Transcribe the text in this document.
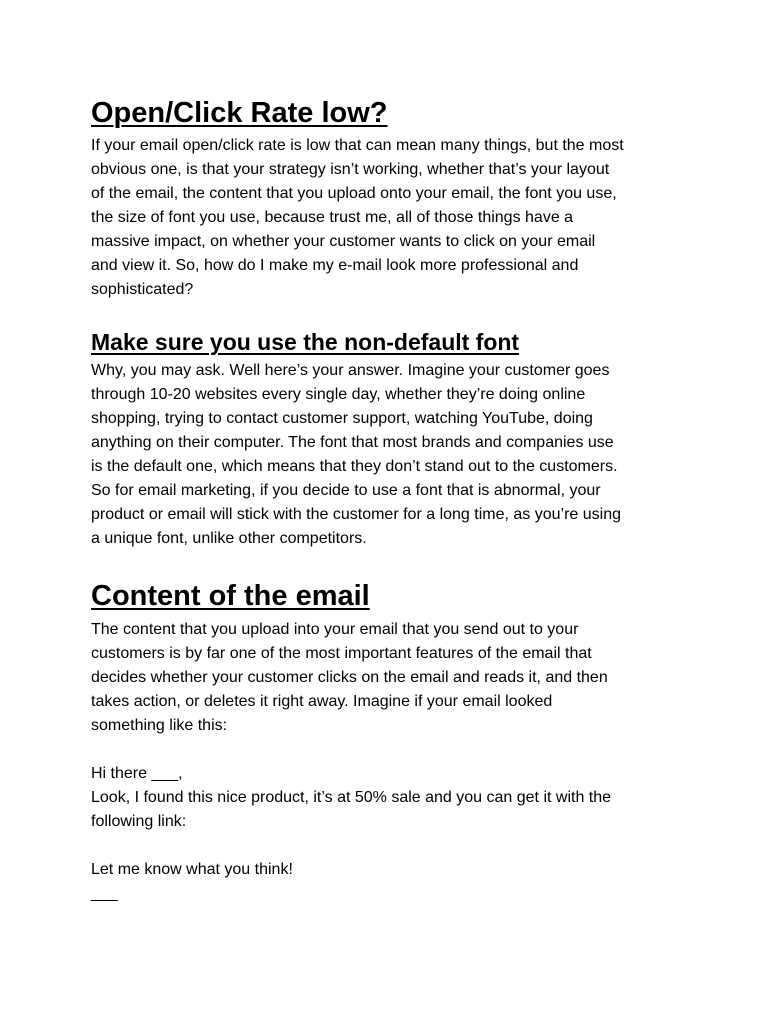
Open/Click Rate low?
If your email open/click rate is low that can mean many things, but the most
obvious one, is that your strategy isn’t working, whether that’s your layout
of the email, the content that you upload onto your email, the font you use,
the size of font you use, because trust me, all of those things have a
massive impact, on whether your customer wants to click on your email
and view it. So, how do I make my e-mail look more professional and
sophisticated?
Make sure you use the non-default font
Why, you may ask. Well here’s your answer. Imagine your customer goes
through 10-20 websites every single day, whether they’re doing online
shopping, trying to contact customer support, watching YouTube, doing
anything on their computer. The font that most brands and companies use
is the default one, which means that they don’t stand out to the customers.
So for email marketing, if you decide to use a font that is abnormal, your
product or email will stick with the customer for a long time, as you’re using
a unique font, unlike other competitors.
Content of the email
The content that you upload into your email that you send out to your
customers is by far one of the most important features of the email that
decides whether your customer clicks on the email and reads it, and then
takes action, or deletes it right away. Imagine if your email looked
something like this:
Hi there ___,
Look, I found this nice product, it’s at 50% sale and you can get it with the
following link:
Let me know what you think!
___
